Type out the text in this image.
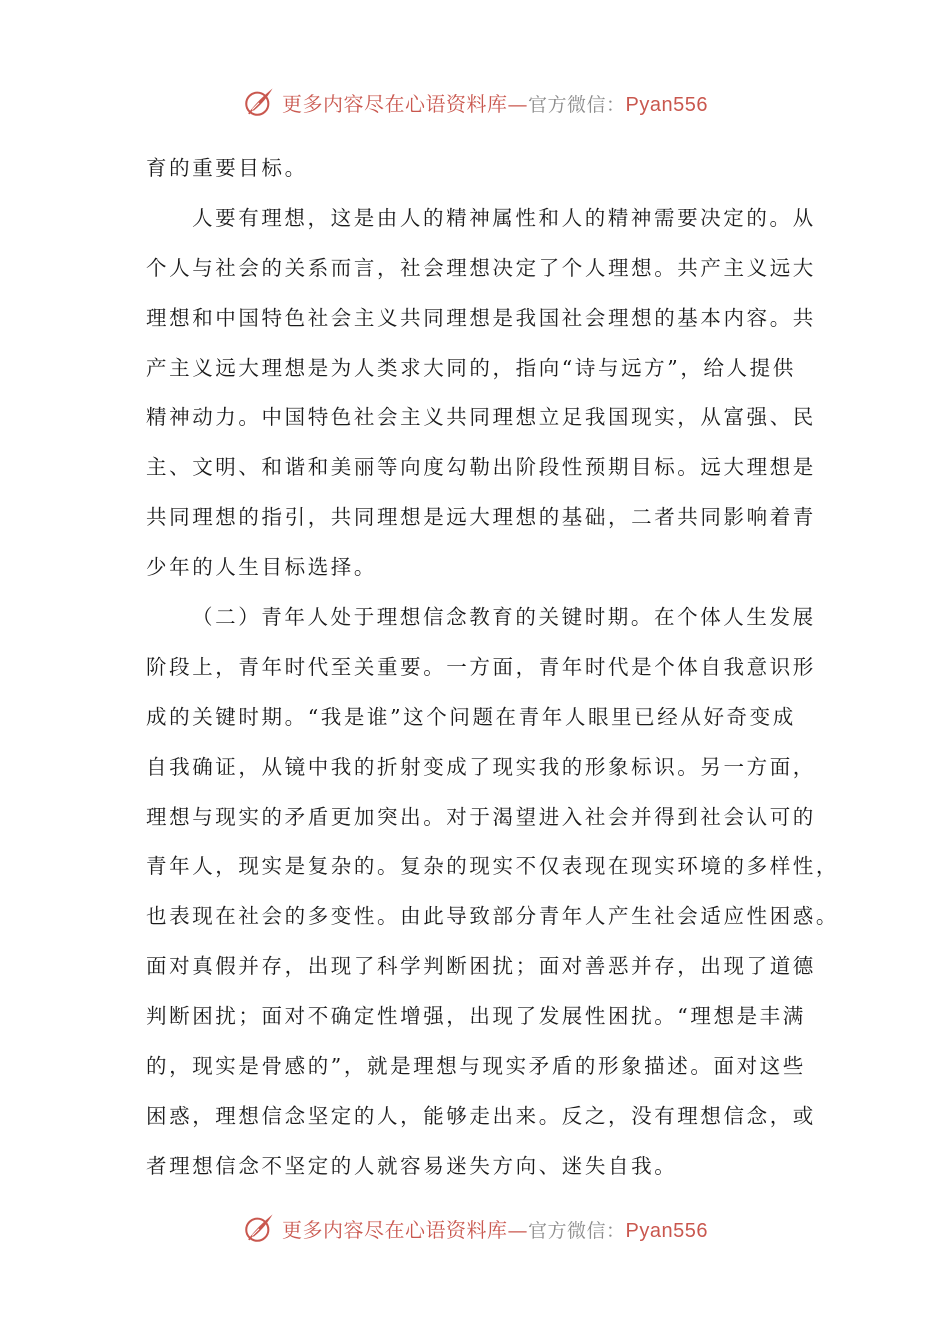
更多内容尽在心语资料库—官方微信：Pyan556
育的重要目标。
人要有理想，这是由人的精神属性和人的精神需要决定的。从
个人与社会的关系而言，社会理想决定了个人理想。共产主义远大
理想和中国特色社会主义共同理想是我国社会理想的基本内容。共
产主义远大理想是为人类求大同的，指向“诗与远方”，给人提供
精神动力。中国特色社会主义共同理想立足我国现实，从富强、民
主、文明、和谐和美丽等向度勾勒出阶段性预期目标。远大理想是
共同理想的指引，共同理想是远大理想的基础，二者共同影响着青
少年的人生目标选择。
（二）青年人处于理想信念教育的关键时期。在个体人生发展
阶段上，青年时代至关重要。一方面，青年时代是个体自我意识形
成的关键时期。“我是谁”这个问题在青年人眼里已经从好奇变成
自我确证，从镜中我的折射变成了现实我的形象标识。另一方面，
理想与现实的矛盾更加突出。对于渴望进入社会并得到社会认可的
青年人，现实是复杂的。复杂的现实不仅表现在现实环境的多样性，
也表现在社会的多变性。由此导致部分青年人产生社会适应性困惑。
面对真假并存，出现了科学判断困扰；面对善恶并存，出现了道德
判断困扰；面对不确定性增强，出现了发展性困扰。“理想是丰满
的，现实是骨感的”，就是理想与现实矛盾的形象描述。面对这些
困惑，理想信念坚定的人，能够走出来。反之，没有理想信念，或
者理想信念不坚定的人就容易迷失方向、迷失自我。
更多内容尽在心语资料库—官方微信：Pyan556
